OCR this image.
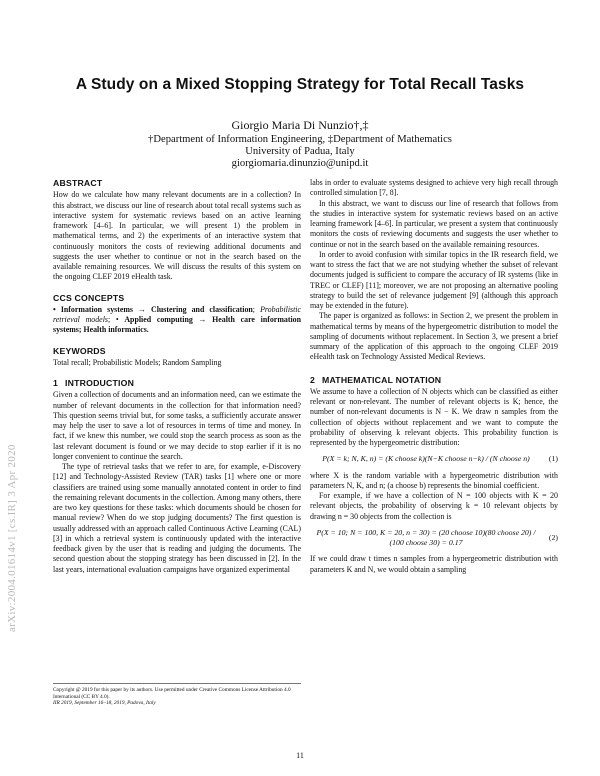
arXiv:2004.01614v1 [cs.IR] 3 Apr 2020
A Study on a Mixed Stopping Strategy for Total Recall Tasks
Giorgio Maria Di Nunzio†,‡
†Department of Information Engineering, ‡Department of Mathematics
University of Padua, Italy
giorgiomaria.dinunzio@unipd.it
ABSTRACT

How do we calculate how many relevant documents are in a collection? In this abstract, we discuss our line of research about total recall systems such as interactive system for systematic reviews based on an active learning framework [4–6]. In particular, we will present 1) the problem in mathematical terms, and 2) the experiments of an interactive system that continuously monitors the costs of reviewing additional documents and suggests the user whether to continue or not in the search based on the available remaining resources. We will discuss the results of this system on the ongoing CLEF 2019 eHealth task.

CCS CONCEPTS

• Information systems → Clustering and classification; Probabilistic retrieval models; • Applied computing → Health care information systems; Health informatics.

KEYWORDS

Total recall; Probabilistic Models; Random Sampling

1 INTRODUCTION

Given a collection of documents and an information need, can we estimate the number of relevant documents in the collection for that information need? This question seems trivial but, for some tasks, a sufficiently accurate answer may help the user to save a lot of resources in terms of time and money. In fact, if we knew this number, we could stop the search process as soon as the last relevant document is found or we may decide to stop earlier if it is no longer convenient to continue the search.

The type of retrieval tasks that we refer to are, for example, e-Discovery [12] and Technology-Assisted Review (TAR) tasks [1] where one or more classifiers are trained using some manually annotated content in order to find the remaining relevant documents in the collection. Among many others, there are two key questions for these tasks: which documents should be chosen for manual review? When do we stop judging documents? The first question is usually addressed with an approach called Continuous Active Learning (CAL) [3] in which a retrieval system is continuously updated with the interactive feedback given by the user that is reading and judging the documents. The second question about the stopping strategy has been discussed in [2]. In the last years, international evaluation campaigns have organized experimental

labs in order to evaluate systems designed to achieve very high recall through controlled simulation [7, 8].

In this abstract, we want to discuss our line of research that follows from the studies in interactive system for systematic reviews based on an active learning framework [4–6]. In particular, we present a system that continuously monitors the costs of reviewing documents and suggests the user whether to continue or not in the search based on the available remaining resources.

In order to avoid confusion with similar topics in the IR research field, we want to stress the fact that we are not studying whether the subset of relevant documents judged is sufficient to compare the accuracy of IR systems (like in TREC or CLEF) [11]; moreover, we are not proposing an alternative pooling strategy to build the set of relevance judgement [9] (although this approach may be extended in the future).

The paper is organized as follows: in Section 2, we present the problem in mathematical terms by means of the hypergeometric distribution to model the sampling of documents without replacement. In Section 3, we present a brief summary of the application of this approach to the ongoing CLEF 2019 eHealth task on Technology Assisted Medical Reviews.

2 MATHEMATICAL NOTATION

We assume to have a collection of N objects which can be classified as either relevant or non-relevant. The number of relevant objects is K; hence, the number of non-relevant documents is N − K. We draw n samples from the collection of objects without replacement and we want to compute the probability of observing k relevant objects. This probability function is represented by the hypergeometric distribution:

P(X = k; N, K, n) = (K choose k)(N−K choose n−k) / (N choose n)	(1)

where X is the random variable with a hypergeometric distribution with parameters N, K, and n; (a choose b) represents the binomial coefficient.

For example, if we have a collection of N = 100 objects with K = 20 relevant objects, the probability of observing k = 10 relevant objects by drawing n = 30 objects from the collection is

P(X = 10; N = 100, K = 20, n = 30) = (20 choose 10)(80 choose 20) / (100 choose 30) = 0.17
(2)

If we could draw t times n samples from a hypergeometric distribution with parameters K and N, we would obtain a sampling

Copyright @ 2019 for this paper by its authors. Use permitted under Creative Commons License Attribution 4.0 International (CC BY 4.0).
IIR 2019, September 16–18, 2019, Padova, Italy
11
